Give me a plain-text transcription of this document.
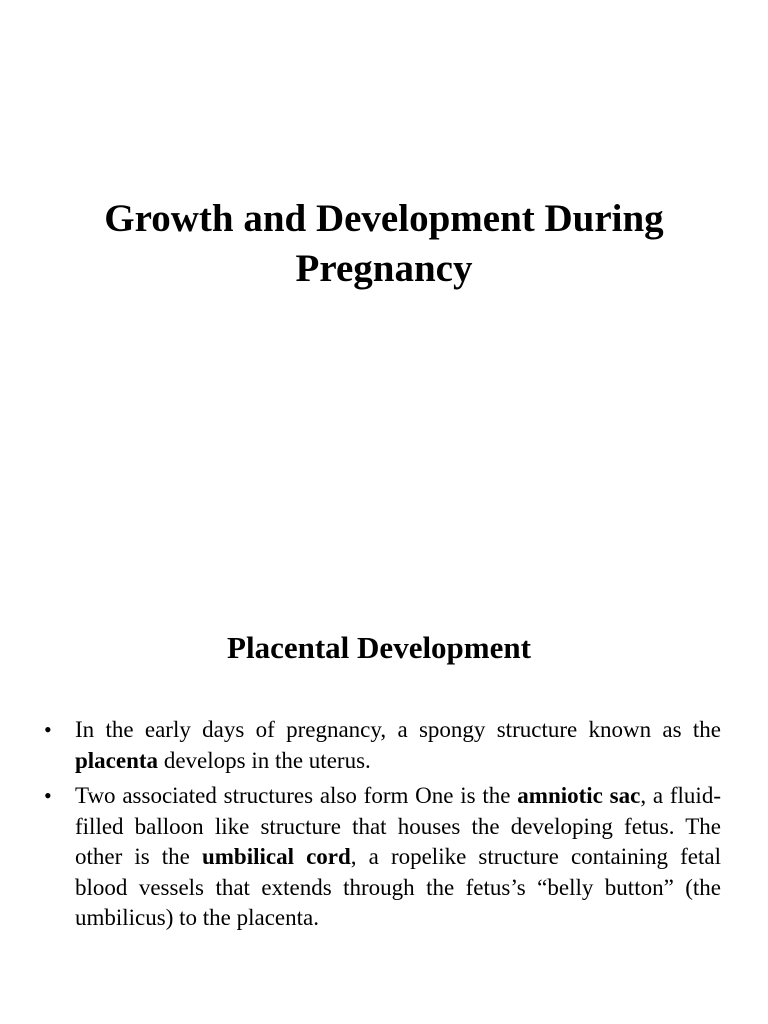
Growth and Development During Pregnancy
Placental Development
• In the early days of pregnancy, a spongy structure known as the placenta develops in the uterus.
• Two associated structures also form One is the amniotic sac, a fluid-filled balloon like structure that houses the developing fetus. The other is the umbilical cord, a ropelike structure containing fetal blood vessels that extends through the fetus’s “belly button” (the umbilicus) to the placenta.
